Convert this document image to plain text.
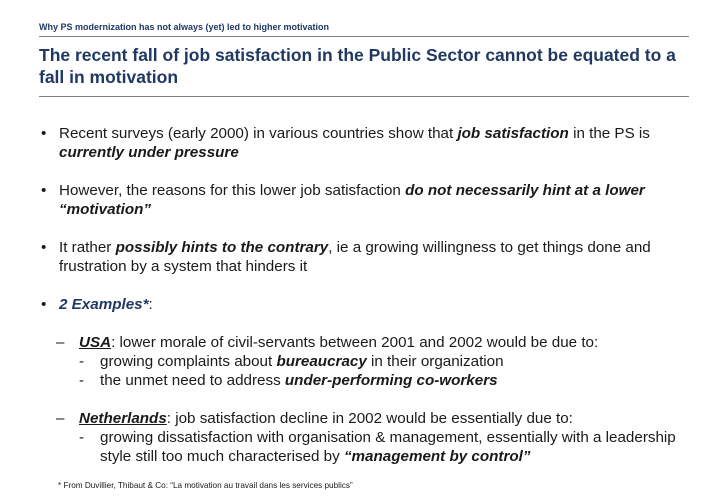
Why PS modernization has not always (yet) led to higher motivation
The recent fall of job satisfaction in the Public Sector cannot be equated to a fall in motivation
• Recent surveys (early 2000) in various countries show that job satisfaction in the PS is currently under pressure
• However, the reasons for this lower job satisfaction do not necessarily hint at a lower “motivation”
• It rather possibly hints to the contrary, ie a growing willingness to get things done and frustration by a system that hinders it
• 2 Examples*:
– USA: lower morale of civil-servants between 2001 and 2002 would be due to:
- growing complaints about bureaucracy in their organization
- the unmet need to address under-performing co-workers
– Netherlands: job satisfaction decline in 2002 would be essentially due to:
- growing dissatisfaction with organisation & management, essentially with a leadership style still too much characterised by “management by control”
* From Duvillier, Thibaut & Co: “La motivation au travail dans les services publics”
